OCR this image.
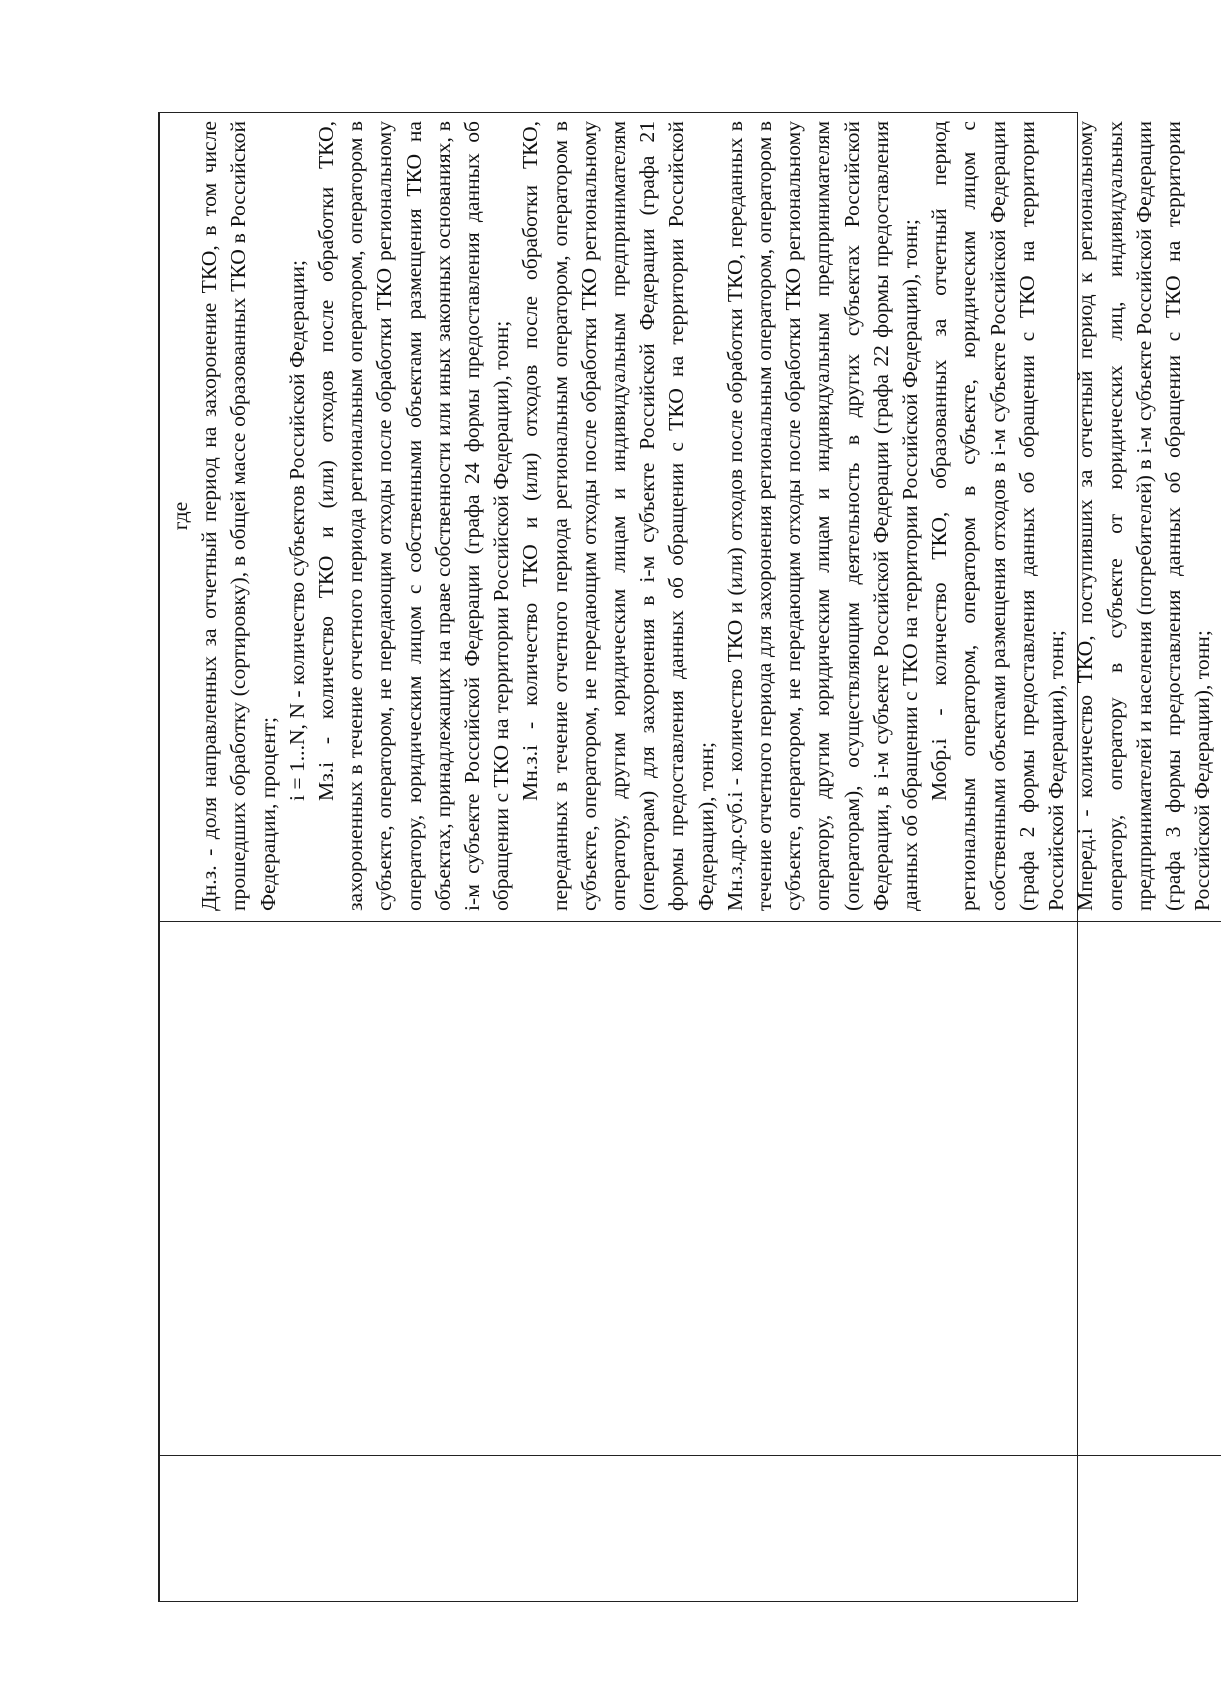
где Дн.з. - доля направленных за отчетный период на захоронение ТКО, в том числе прошедших обработку (сортировку), в общей массе образованных ТКО в Российской Федерации, процент;

i = 1...N, N - количество субъектов Российской Федерации; Мз.i - количество ТКО и (или) отходов после обработки ТКО, захороненных в течение отчетного периода региональным оператором, оператором в субъекте, оператором, не передающим отходы после обработки ТКО региональному оператору, юридическим лицом с собственными объектами размещения ТКО на объектах, принадлежащих на праве собственности или иных законных основаниях, в i-м субъекте Российской Федерации (графа 24 формы предоставления данных об обращении с ТКО на территории Российской Федерации), тонн; Мн.з.i - количество ТКО и (или) отходов после обработки ТКО, переданных в течение отчетного периода региональным оператором, оператором в субъекте, оператором, не передающим отходы после обработки ТКО региональному оператору, другим юридическим лицам и индивидуальным предпринимателям (операторам) для захоронения в i-м субъекте Российской Федерации (графа 21 формы предоставления данных об обращении с ТКО на территории Российской Федерации), тонн; Мн.з.др.суб.i - количество ТКО и (или) отходов после обработки ТКО, переданных в течение отчетного периода для захоронения региональным оператором, оператором в субъекте, оператором, не передающим отходы после обработки ТКО региональному оператору, другим юридическим лицам и индивидуальным предпринимателям (операторам), осуществляющим деятельность в других субъектах Российской Федерации, в i-м субъекте Российской Федерации (графа 22 формы предоставления данных об обращении с ТКО на территории Российской Федерации), тонн; Мобр.i - количество ТКО, образованных за отчетный период региональным оператором, оператором в субъекте, юридическим лицом с собственными объектами размещения отходов в i-м субъекте Российской Федерации (графа 2 формы предоставления данных об обращении с ТКО на территории Российской Федерации), тонн; Мперед.i - количество ТКО, поступивших за отчетный период к региональному оператору, оператору в субъекте от юридических лиц, индивидуальных предпринимателей и населения (потребителей) в i-м субъекте Российской Федерации (графа 3 формы предоставления данных об обращении с ТКО на территории Российской Федерации), тонн;
